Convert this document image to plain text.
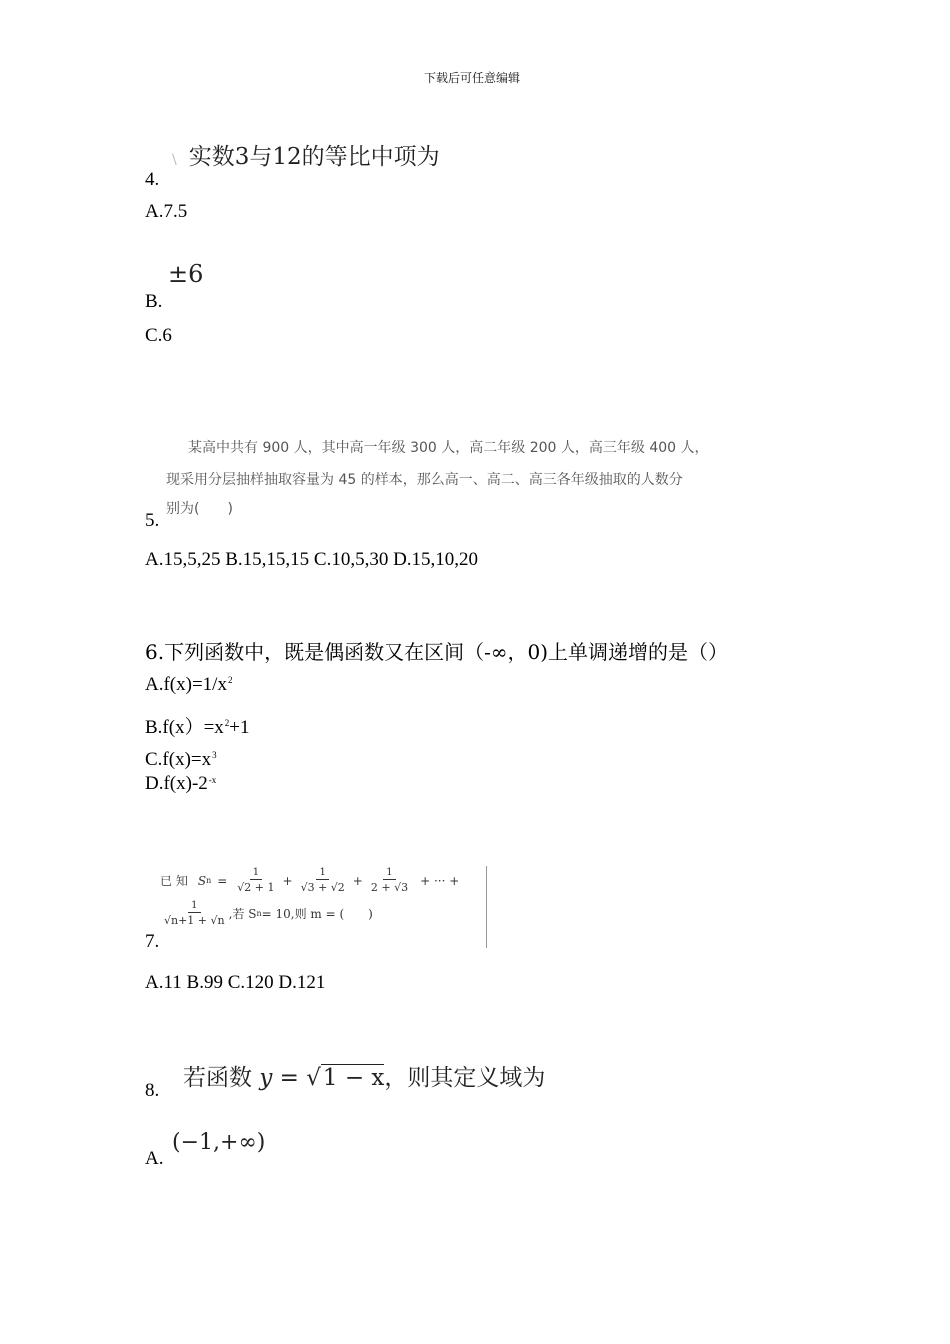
下载后可任意编辑
\ 实数3与12的等比中项为
4.
A.7.5
±6
B.
C.6
某高中共有 900 人，其中高一年级 300 人，高二年级 200 人，高三年级 400 人，
现采用分层抽样抽取容量为 45 的样本，那么高一、高二、高三各年级抽取的人数分
别为(　　)
5.
A.15,5,25 B.15,15,15 C.10,5,30 D.15,10,20
6.下列函数中，既是偶函数又在区间（-∞，0)上单调递增的是（）
$A.f(x)=1/x^2$
$B.f(x)=x^2+1$
$C.f(x)=x^3$
$D.f(x)-2^{-x}$
已 知 S $n = \frac{1}{√2 + 1} + \frac{1}{√3 + √2} + \frac{1}{2 + √3}$ + ··· +
$\frac{1}{√n+1 + √n}$ ,若 S n = 10,则 m = (　　)
7.
A.11 B.99 C.120 D.121
若函数 y = √1 − x，则其定义域为
8.
(−1,+∞)
A.
